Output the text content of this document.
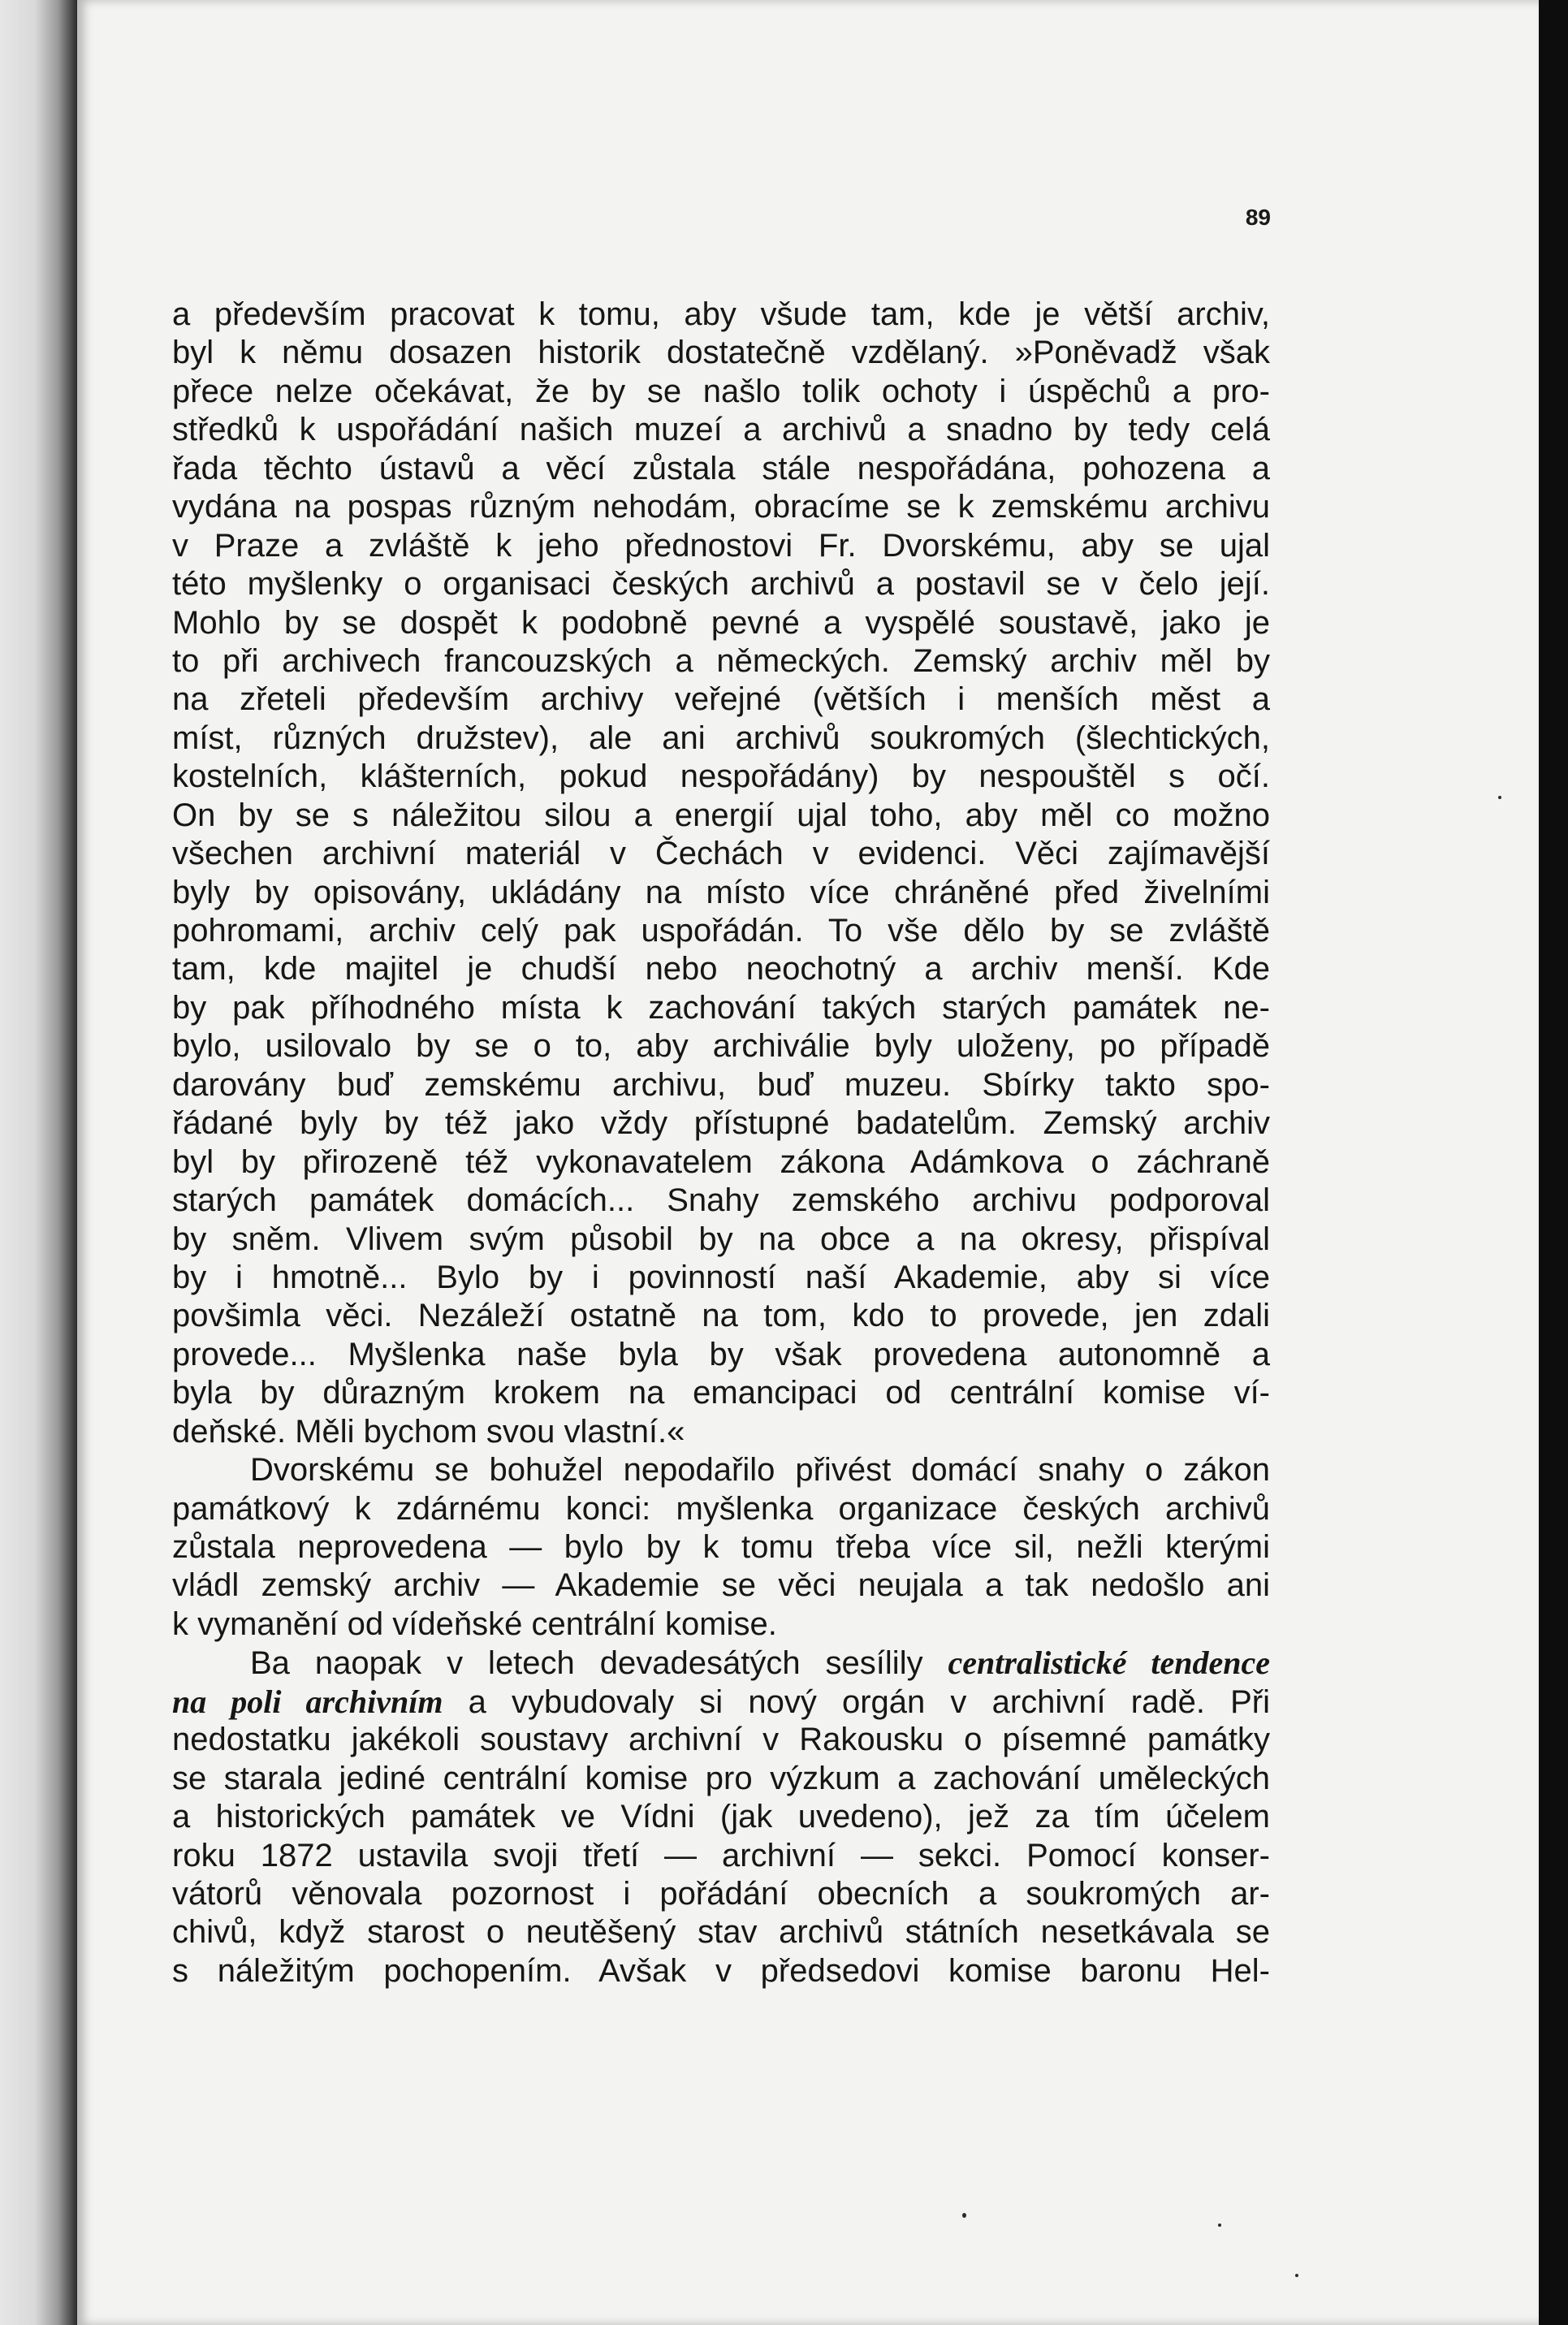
89
a především pracovat k tomu, aby všude tam, kde je větší archiv,
byl k němu dosazen historik dostatečně vzdělaný. »Poněvadž však
přece nelze očekávat, že by se našlo tolik ochoty i úspěchů a pro-
středků k uspořádání našich muzeí a archivů a snadno by tedy celá
řada těchto ústavů a věcí zůstala stále nespořádána, pohozena a
vydána na pospas různým nehodám, obracíme se k zemskému archivu
v Praze a zvláště k jeho přednostovi Fr. Dvorskému, aby se ujal
této myšlenky o organisaci českých archivů a postavil se v čelo její.
Mohlo by se dospět k podobně pevné a vyspělé soustavě, jako je
to při archivech francouzských a německých. Zemský archiv měl by
na zřeteli především archivy veřejné (větších i menších měst a
míst, různých družstev), ale ani archivů soukromých (šlechtických,
kostelních, klášterních, pokud nespořádány) by nespouštěl s očí.
On by se s náležitou silou a energií ujal toho, aby měl co možno
všechen archivní materiál v Čechách v evidenci. Věci zajímavější
byly by opisovány, ukládány na místo více chráněné před živelními
pohromami, archiv celý pak uspořádán. To vše dělo by se zvláště
tam, kde majitel je chudší nebo neochotný a archiv menší. Kde
by pak příhodného místa k zachování takých starých památek ne-
bylo, usilovalo by se o to, aby archiválie byly uloženy, po případě
darovány buď zemskému archivu, buď muzeu. Sbírky takto spo-
řádané byly by též jako vždy přístupné badatelům. Zemský archiv
byl by přirozeně též vykonavatelem zákona Adámkova o záchraně
starých památek domácích... Snahy zemského archivu podporoval
by sněm. Vlivem svým působil by na obce a na okresy, přispíval
by i hmotně... Bylo by i povinností naší Akademie, aby si více
povšimla věci. Nezáleží ostatně na tom, kdo to provede, jen zdali
provede... Myšlenka naše byla by však provedena autonomně a
byla by důrazným krokem na emancipaci od centrální komise ví-
deňské. Měli bychom svou vlastní.«
Dvorskému se bohužel nepodařilo přivést domácí snahy o zákon
památkový k zdárnému konci: myšlenka organizace českých archivů
zůstala neprovedena — bylo by k tomu třeba více sil, nežli kterými
vládl zemský archiv — Akademie se věci neujala a tak nedošlo ani
k vymanění od vídeňské centrální komise.
Ba naopak v letech devadesátých sesílily centralistické tendence
na poli archivním a vybudovaly si nový orgán v archivní radě. Při
nedostatku jakékoli soustavy archivní v Rakousku o písemné památky
se starala jediné centrální komise pro výzkum a zachování uměleckých
a historických památek ve Vídni (jak uvedeno), jež za tím účelem
roku 1872 ustavila svoji třetí — archivní — sekci. Pomocí konser-
vátorů věnovala pozornost i pořádání obecních a soukromých ar-
chivů, když starost o neutěšený stav archivů státních nesetkávala se
s náležitým pochopením. Avšak v předsedovi komise baronu Hel-
